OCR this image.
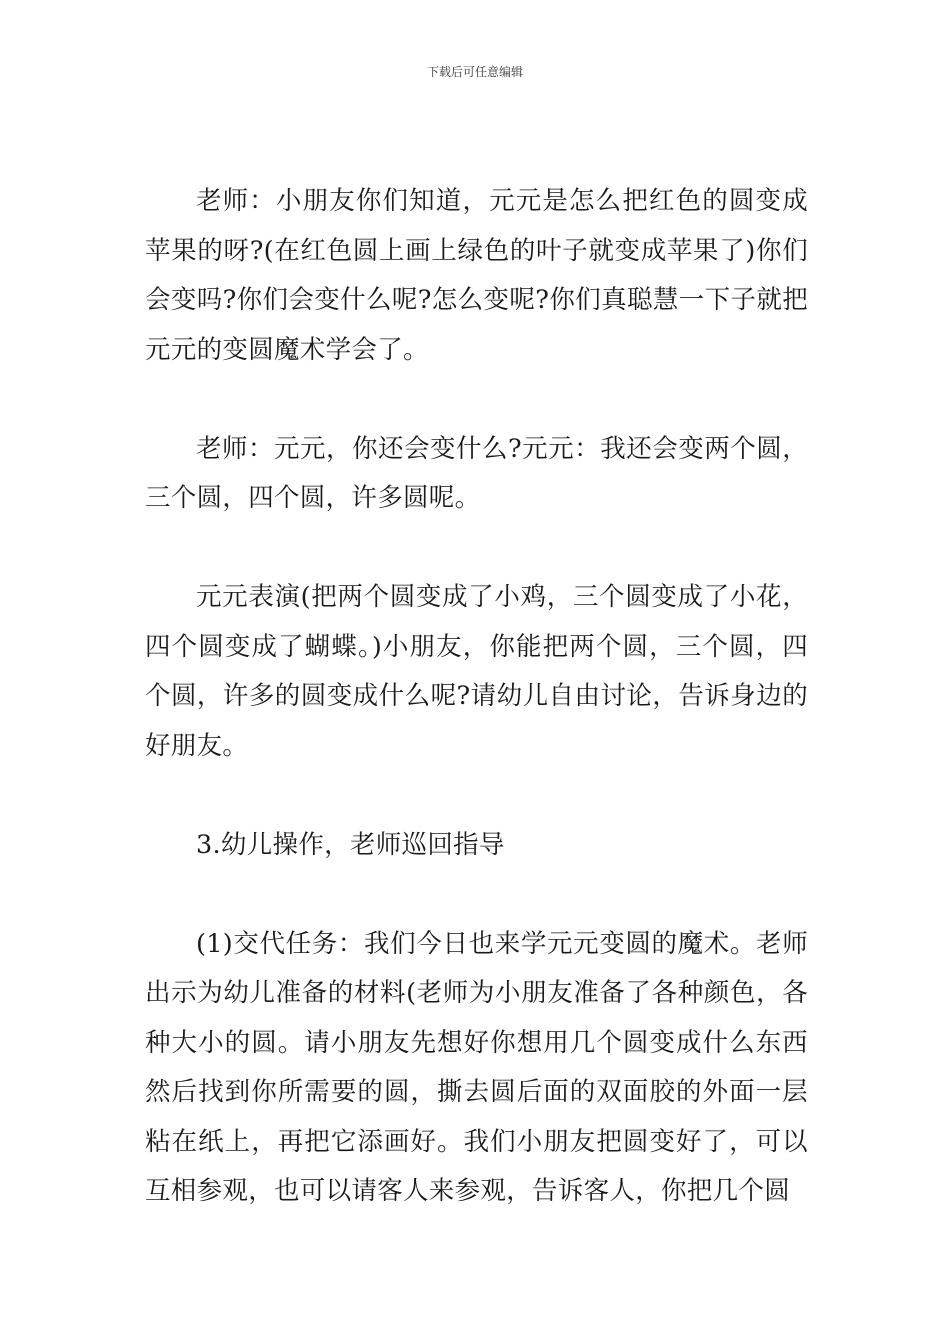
下载后可任意编辑

老师：小朋友你们知道，元元是怎么把红色的圆变成苹果的呀?(在红色圆上画上绿色的叶子就变成苹果了)你们会变吗?你们会变什么呢?怎么变呢?你们真聪慧一下子就把元元的变圆魔术学会了。

老师：元元，你还会变什么?元元：我还会变两个圆，三个圆，四个圆，许多圆呢。

元元表演(把两个圆变成了小鸡，三个圆变成了小花，四个圆变成了蝴蝶。)小朋友，你能把两个圆，三个圆，四个圆，许多的圆变成什么呢?请幼儿自由讨论，告诉身边的好朋友。

3.幼儿操作，老师巡回指导

(1)交代任务：我们今日也来学元元变圆的魔术。老师出示为幼儿准备的材料(老师为小朋友准备了各种颜色，各种大小的圆。请小朋友先想好你想用几个圆变成什么东西然后找到你所需要的圆，撕去圆后面的双面胶的外面一层粘在纸上，再把它添画好。我们小朋友把圆变好了，可以互相参观，也可以请客人来参观，告诉客人，你把几个圆
